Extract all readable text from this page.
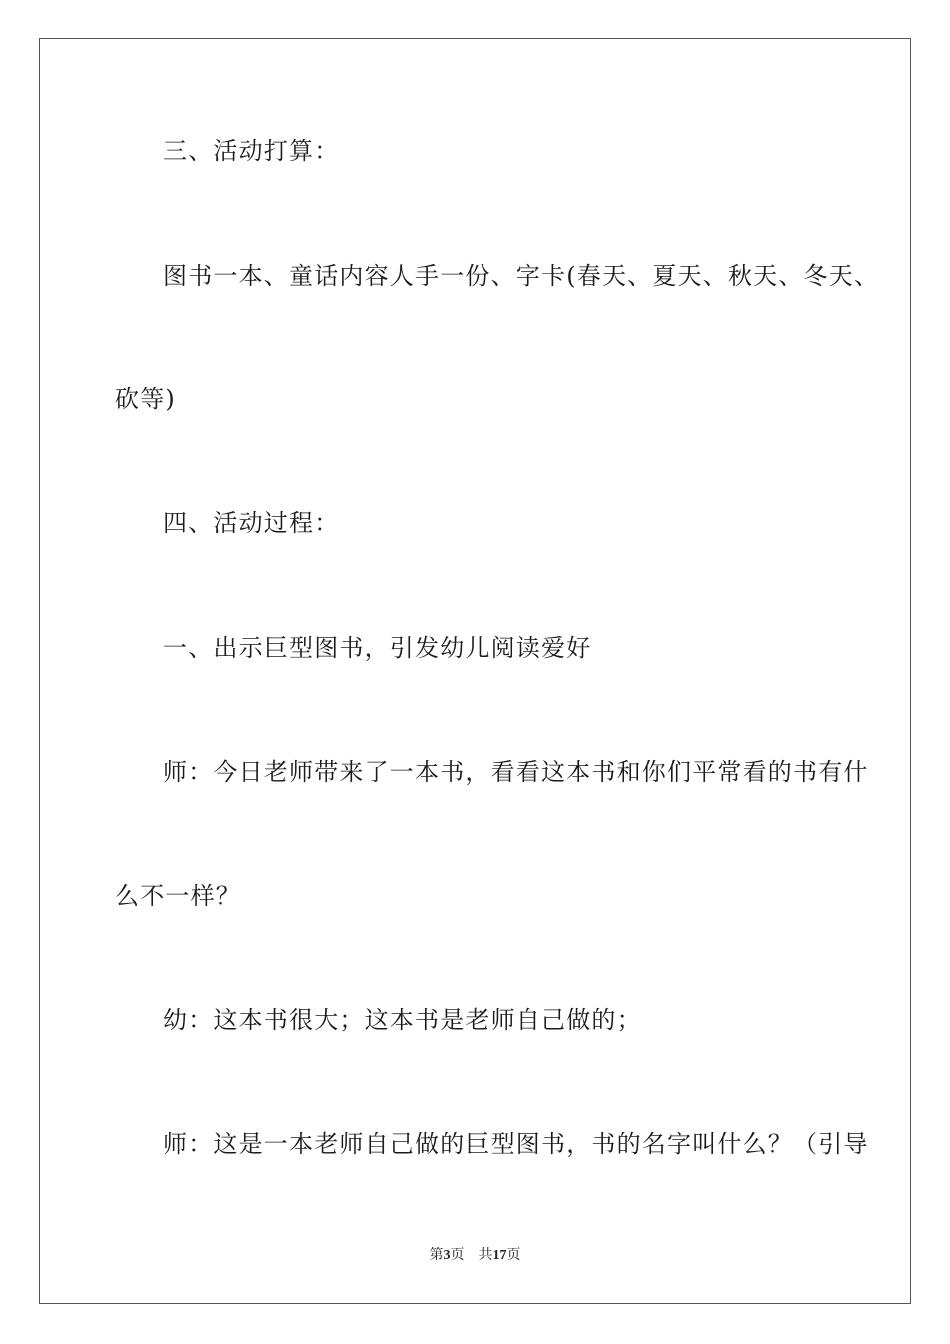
三、活动打算：
图书一本、童话内容人手一份、字卡(春天、夏天、秋天、冬天、
砍等)
四、活动过程：
一、出示巨型图书，引发幼儿阅读爱好
师：今日老师带来了一本书，看看这本书和你们平常看的书有什
么不一样？
幼：这本书很大；这本书是老师自己做的；
师：这是一本老师自己做的巨型图书，书的名字叫什么？（引导
第3页 共17页
